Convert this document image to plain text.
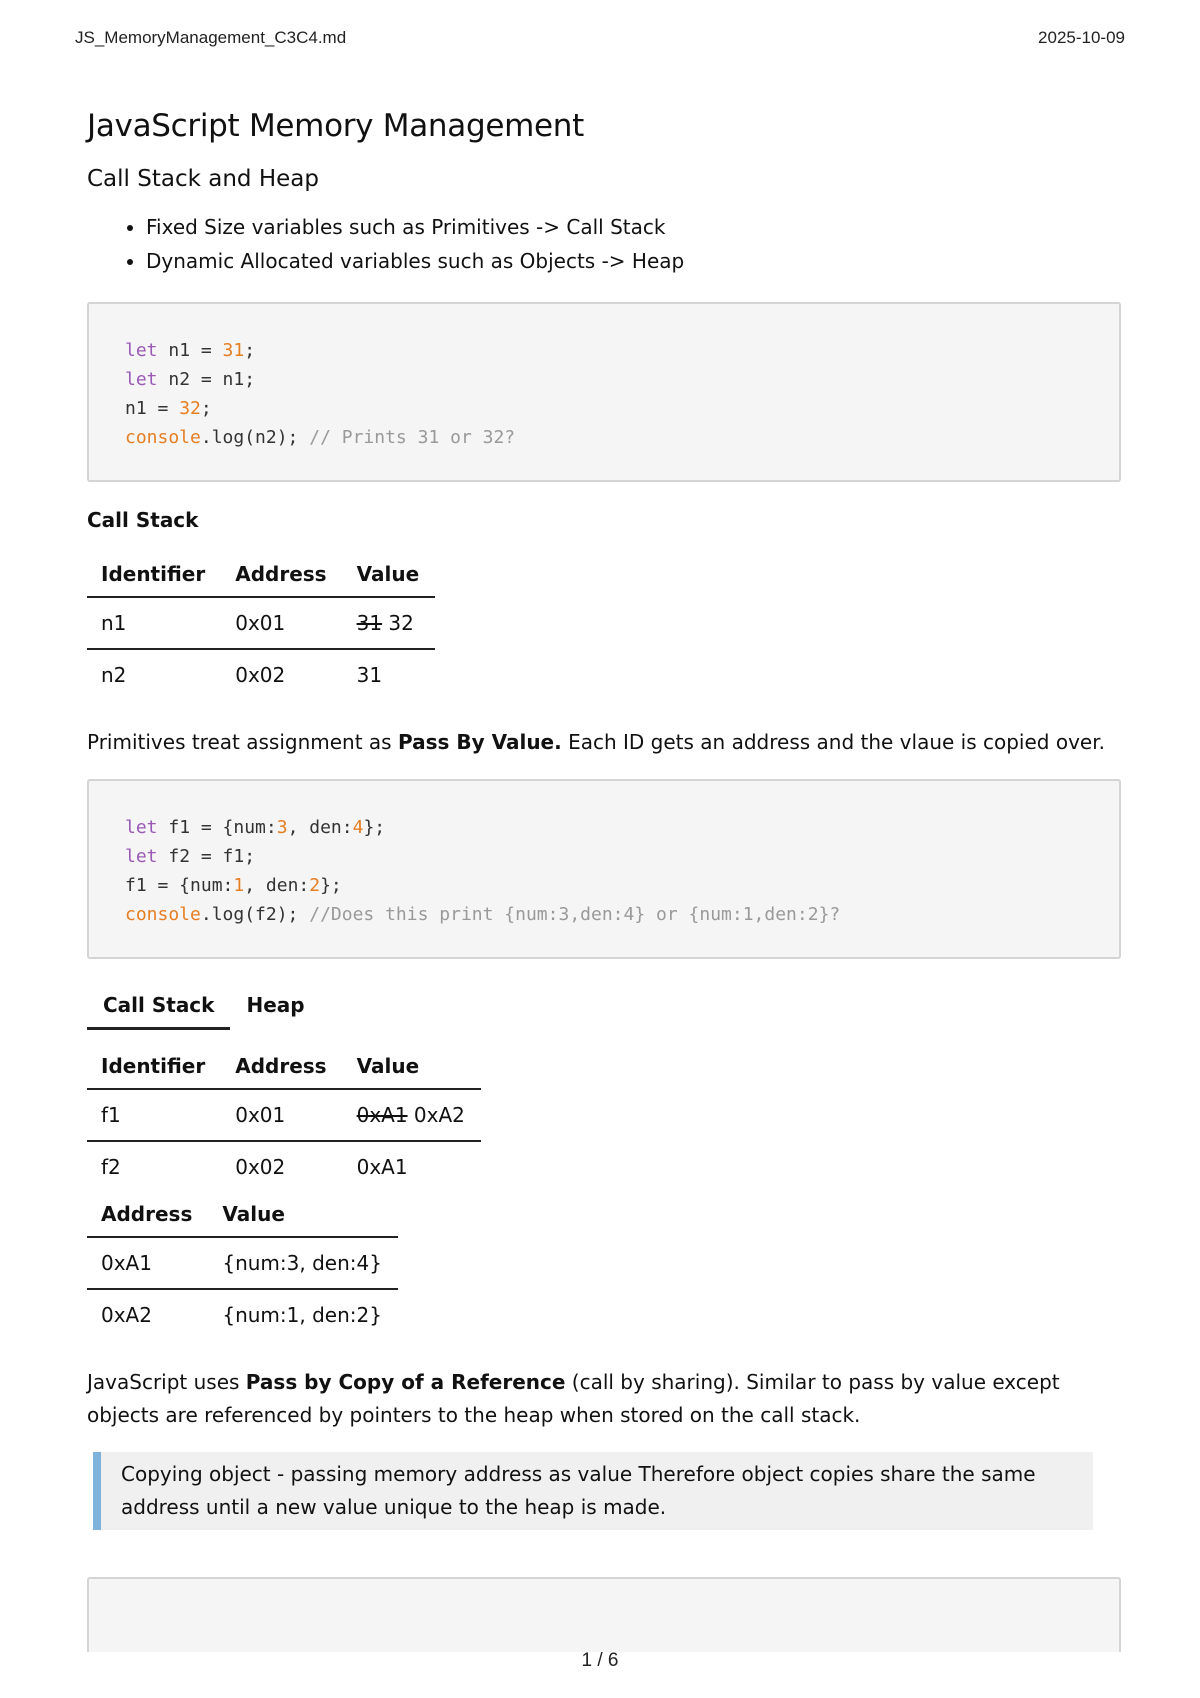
JS_MemoryManagement_C3C4.md	2025-10-09
JavaScript Memory Management
Call Stack and Heap
• Fixed Size variables such as Primitives -> Call Stack
• Dynamic Allocated variables such as Objects -> Heap
let n1 = 31;
let n2 = n1;
n1 = 32;
console.log(n2); // Prints 31 or 32?
Call Stack
Identifier	Address	Value
n1	0x01	31 32
n2	0x02	31

Primitives treat assignment as Pass By Value. Each ID gets an address and the vlaue is copied over.

let f1 = {num:3, den:4};
let f2 = f1;
f1 = {num:1, den:2};
console.log(f2); //Does this print {num:3,den:4} or {num:1,den:2}?
Call Stack	Heap
Identifier	Address	Value
f1	0x01	0xA1 0xA2
f2	0x02	0xA1
Address	Value
0xA1	{num:3, den:4}
0xA2	{num:1, den:2}

JavaScript uses Pass by Copy of a Reference (call by sharing). Similar to pass by value except objects are referenced by pointers to the heap when stored on the call stack.

Copying object - passing memory address as value Therefore object copies share the same address until a new value unique to the heap is made.
1 / 6
